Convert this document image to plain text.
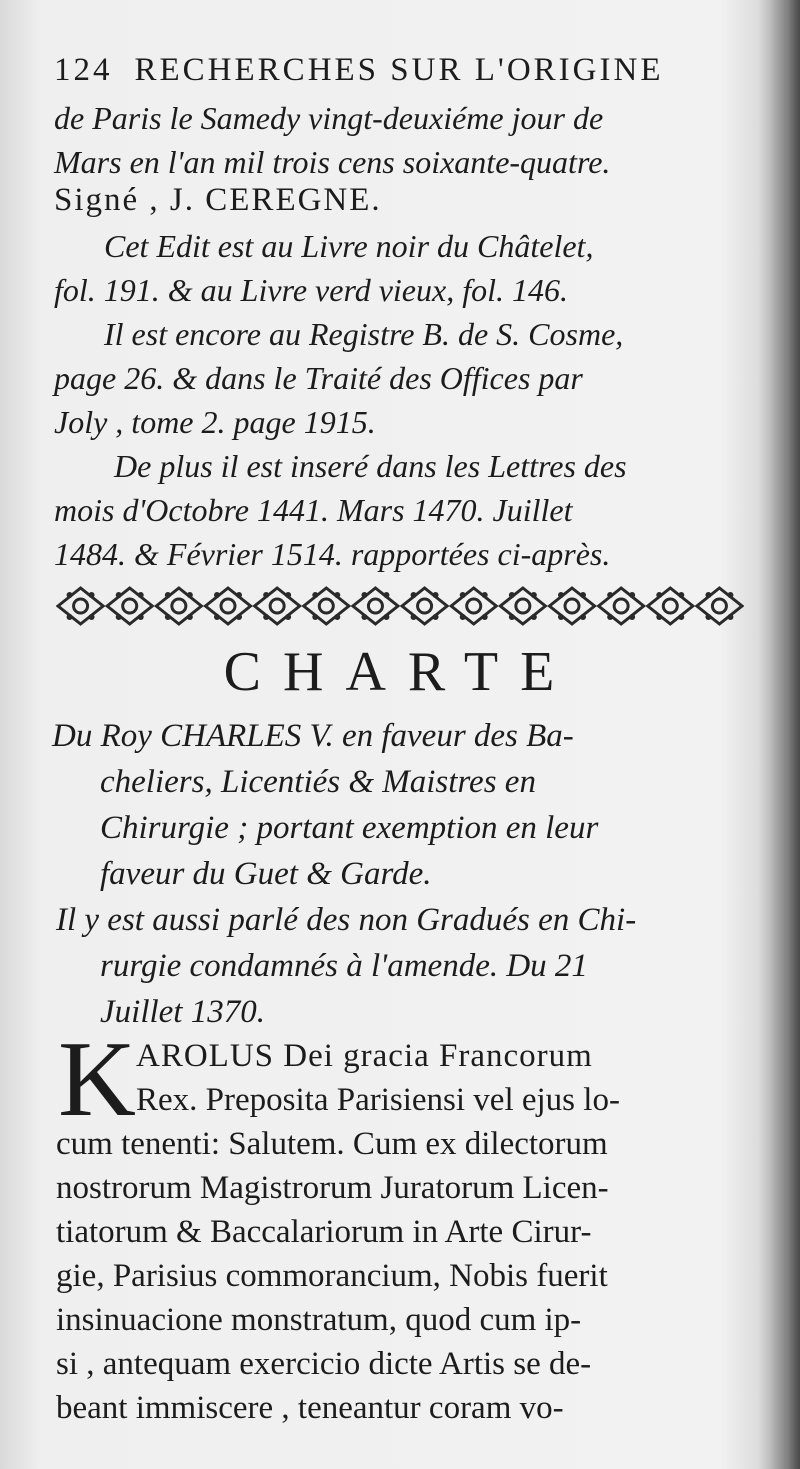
124 RECHERCHES SUR L'ORIGINE
de Paris le Samedy vingt-deuxiéme jour de
Mars en l'an mil trois cens soixante-quatre.
Signé , J. CEREGNE.
Cet Edit est au Livre noir du Châtelet,
fol. 191. & au Livre verd vieux, fol. 146.
Il est encore au Registre B. de S. Cosme,
page 26. & dans le Traité des Offices par
Joly , tome 2. page 1915.
De plus il est inseré dans les Lettres des
mois d'Octobre 1441. Mars 1470. Juillet
1484. & Février 1514. rapportées ci-après.
CHARTE
Du Roy CHARLES V. en faveur des Ba-
cheliers, Licentiés & Maistres en
Chirurgie ; portant exemption en leur
faveur du Guet & Garde.
Il y est aussi parlé des non Gradués en Chi-
rurgie condamnés à l'amende. Du 21
Juillet 1370.
K AROLUS Dei gracia Francorum
Rex. Preposita Parisiensi vel ejus lo-
cum tenenti: Salutem. Cum ex dilectorum
nostrorum Magistrorum Juratorum Licen-
tiatorum & Baccalariorum in Arte Cirur-
gie, Parisius commorancium, Nobis fuerit
insinuacione monstratum, quod cum ip-
si , antequam exercicio dicte Artis se de-
beant immiscere , teneantur coram vo-
